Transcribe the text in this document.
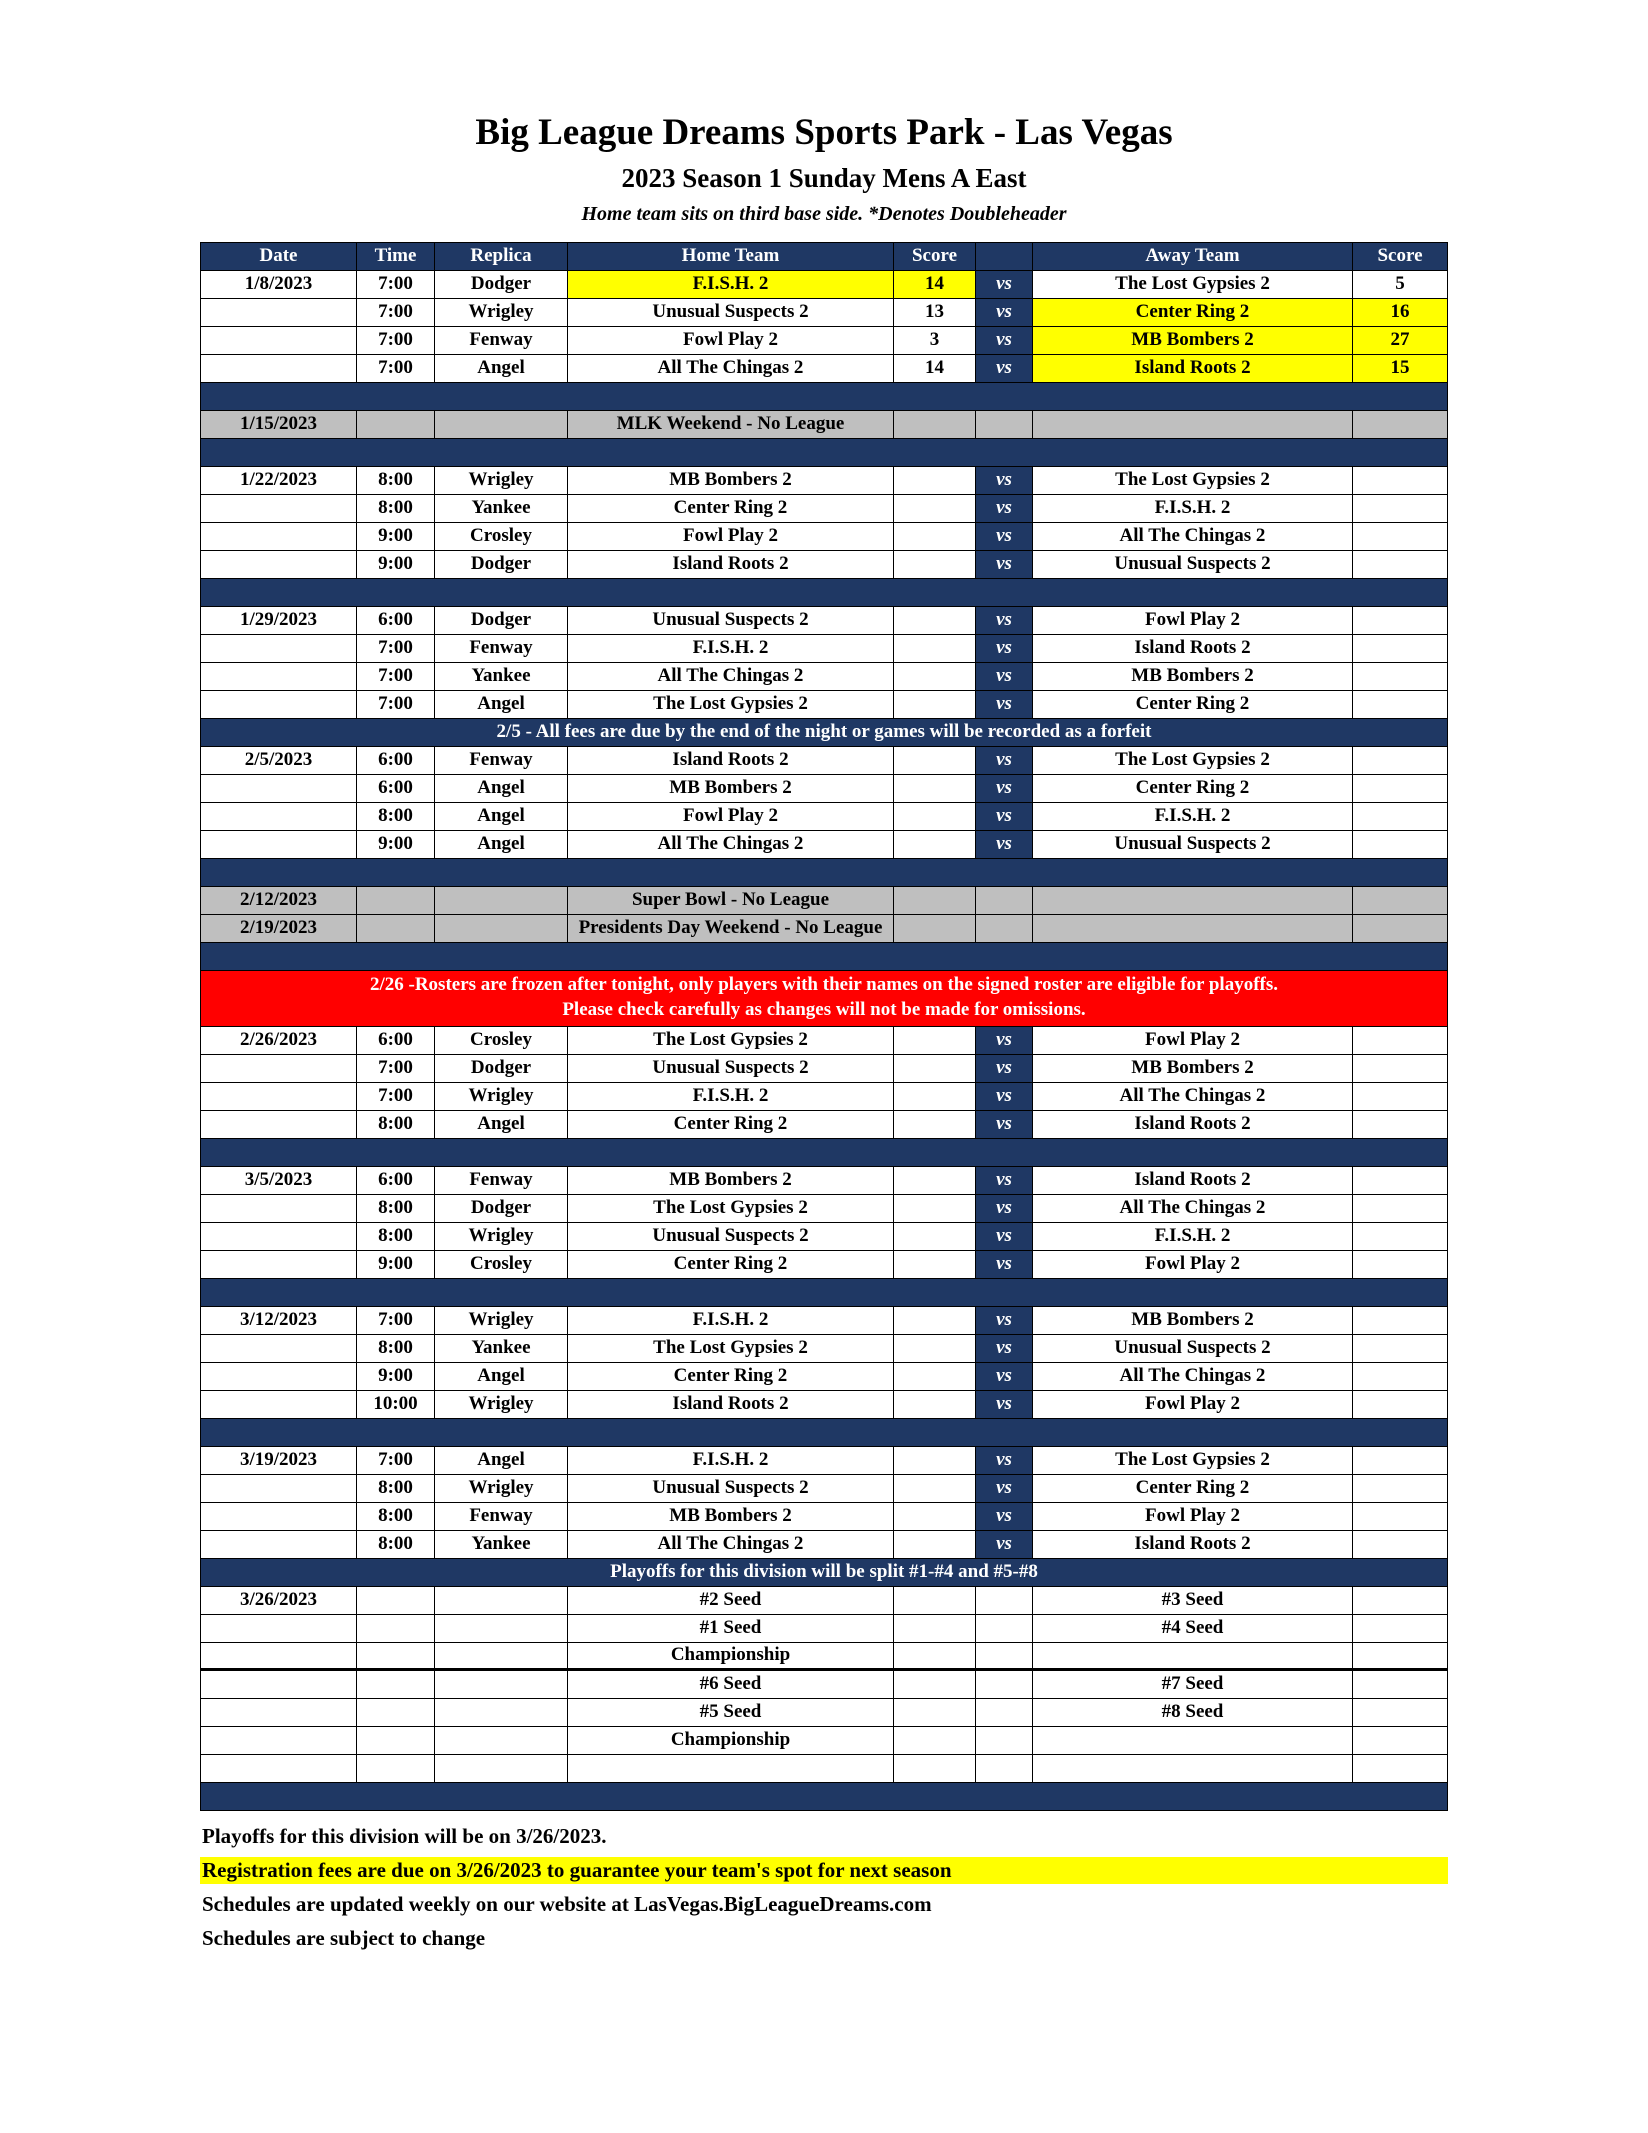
Big League Dreams Sports Park - Las Vegas
2023 Season 1 Sunday Mens A East
Home team sits on third base side. *Denotes Doubleheader
Date	Time	Replica	Home Team	Score	Away Team	Score
1/8/2023	7:00	Dodger	F.I.S.H. 2	14	vs	The Lost Gypsies 2	5
7:00	Wrigley	Unusual Suspects 2	13	vs	Center Ring 2	16
7:00	Fenway	Fowl Play 2	3	vs	MB Bombers 2	27
7:00	Angel	All The Chingas 2	14	vs	Island Roots 2	15
1/15/2023	MLK Weekend - No League
1/22/2023	8:00	Wrigley	MB Bombers 2	vs	The Lost Gypsies 2
8:00	Yankee	Center Ring 2	vs	F.I.S.H. 2
9:00	Crosley	Fowl Play 2	vs	All The Chingas 2
9:00	Dodger	Island Roots 2	vs	Unusual Suspects 2
1/29/2023	6:00	Dodger	Unusual Suspects 2	vs	Fowl Play 2
7:00	Fenway	F.I.S.H. 2	vs	Island Roots 2
7:00	Yankee	All The Chingas 2	vs	MB Bombers 2
7:00	Angel	The Lost Gypsies 2	vs	Center Ring 2
2/5 - All fees are due by the end of the night or games will be recorded as a forfeit
2/5/2023	6:00	Fenway	Island Roots 2	vs	The Lost Gypsies 2
6:00	Angel	MB Bombers 2	vs	Center Ring 2
8:00	Angel	Fowl Play 2	vs	F.I.S.H. 2
9:00	Angel	All The Chingas 2	vs	Unusual Suspects 2
2/12/2023	Super Bowl - No League
2/19/2023	Presidents Day Weekend - No League
2/26 -Rosters are frozen after tonight, only players with their names on the signed roster are eligible for playoffs.
Please check carefully as changes will not be made for omissions.
2/26/2023	6:00	Crosley	The Lost Gypsies 2	vs	Fowl Play 2
7:00	Dodger	Unusual Suspects 2	vs	MB Bombers 2
7:00	Wrigley	F.I.S.H. 2	vs	All The Chingas 2
8:00	Angel	Center Ring 2	vs	Island Roots 2
3/5/2023	6:00	Fenway	MB Bombers 2	vs	Island Roots 2
8:00	Dodger	The Lost Gypsies 2	vs	All The Chingas 2
8:00	Wrigley	Unusual Suspects 2	vs	F.I.S.H. 2
9:00	Crosley	Center Ring 2	vs	Fowl Play 2
3/12/2023	7:00	Wrigley	F.I.S.H. 2	vs	MB Bombers 2
8:00	Yankee	The Lost Gypsies 2	vs	Unusual Suspects 2
9:00	Angel	Center Ring 2	vs	All The Chingas 2
10:00	Wrigley	Island Roots 2	vs	Fowl Play 2
3/19/2023	7:00	Angel	F.I.S.H. 2	vs	The Lost Gypsies 2
8:00	Wrigley	Unusual Suspects 2	vs	Center Ring 2
8:00	Fenway	MB Bombers 2	vs	Fowl Play 2
8:00	Yankee	All The Chingas 2	vs	Island Roots 2
Playoffs for this division will be split #1-#4 and #5-#8
3/26/2023	#2 Seed	#3 Seed
#1 Seed	#4 Seed
Championship
#6 Seed	#7 Seed
#5 Seed	#8 Seed
Championship
Playoffs for this division will be on 3/26/2023.
Registration fees are due on 3/26/2023 to guarantee your team's spot for next season
Schedules are updated weekly on our website at LasVegas.BigLeagueDreams.com
Schedules are subject to change
